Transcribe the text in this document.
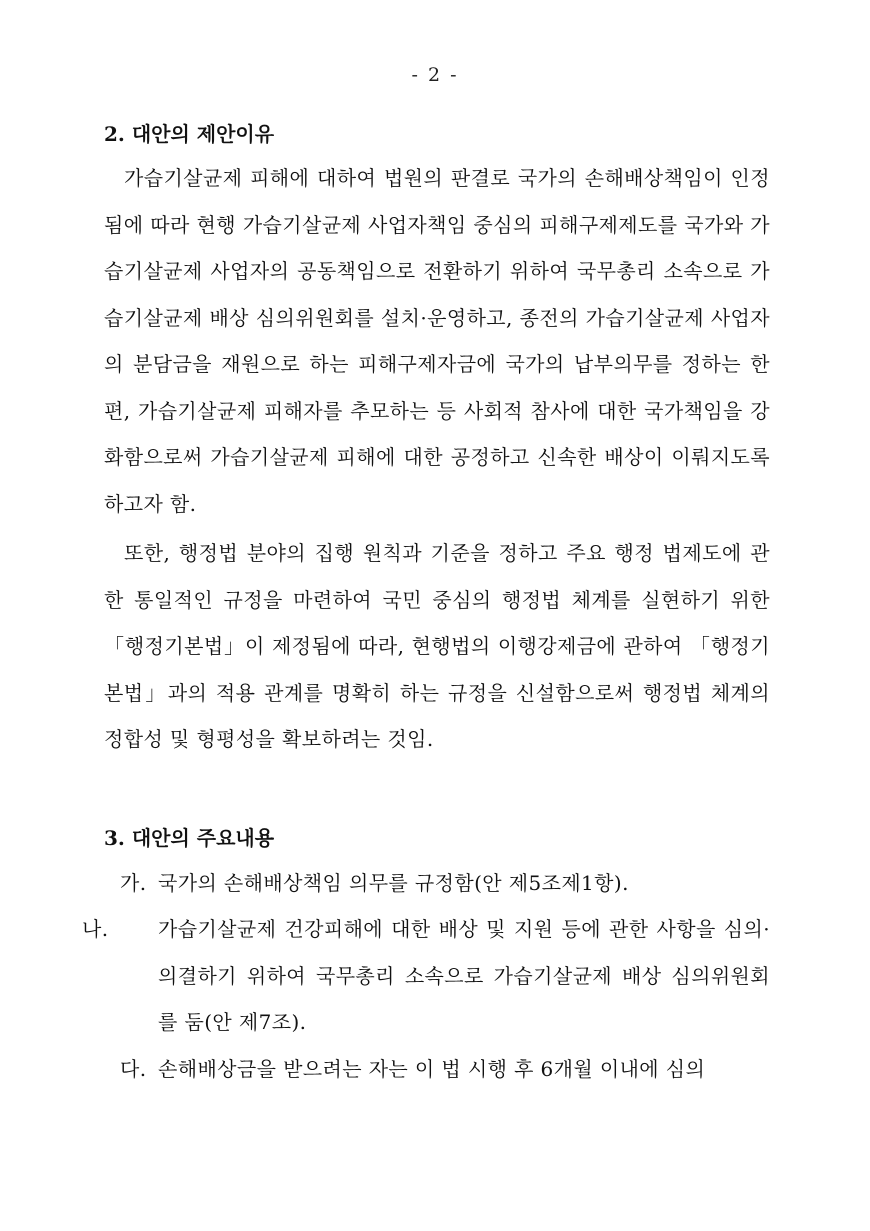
- 2 -
2. 대안의 제안이유

가습기살균제 피해에 대하여 법원의 판결로 국가의 손해배상책임이 인정됨에 따라 현행 가습기살균제 사업자책임 중심의 피해구제제도를 국가와 가습기살균제 사업자의 공동책임으로 전환하기 위하여 국무총리 소속으로 가습기살균제 배상 심의위원회를 설치·운영하고, 종전의 가습기살균제 사업자의 분담금을 재원으로 하는 피해구제자금에 국가의 납부의무를 정하는 한편, 가습기살균제 피해자를 추모하는 등 사회적 참사에 대한 국가책임을 강화함으로써 가습기살균제 피해에 대한 공정하고 신속한 배상이 이뤄지도록 하고자 함.

또한, 행정법 분야의 집행 원칙과 기준을 정하고 주요 행정 법제도에 관한 통일적인 규정을 마련하여 국민 중심의 행정법 체계를 실현하기 위한 「행정기본법」이 제정됨에 따라, 현행법의 이행강제금에 관하여 「행정기본법」과의 적용 관계를 명확히 하는 규정을 신설함으로써 행정법 체계의 정합성 및 형평성을 확보하려는 것임.

3. 대안의 주요내용

가. 국가의 손해배상책임 의무를 규정함(안 제5조제1항).

나. 가습기살균제 건강피해에 대한 배상 및 지원 등에 관한 사항을 심의·의결하기 위하여 국무총리 소속으로 가습기살균제 배상 심의위원회를 둠(안 제7조).

다. 손해배상금을 받으려는 자는 이 법 시행 후 6개월 이내에 심의
